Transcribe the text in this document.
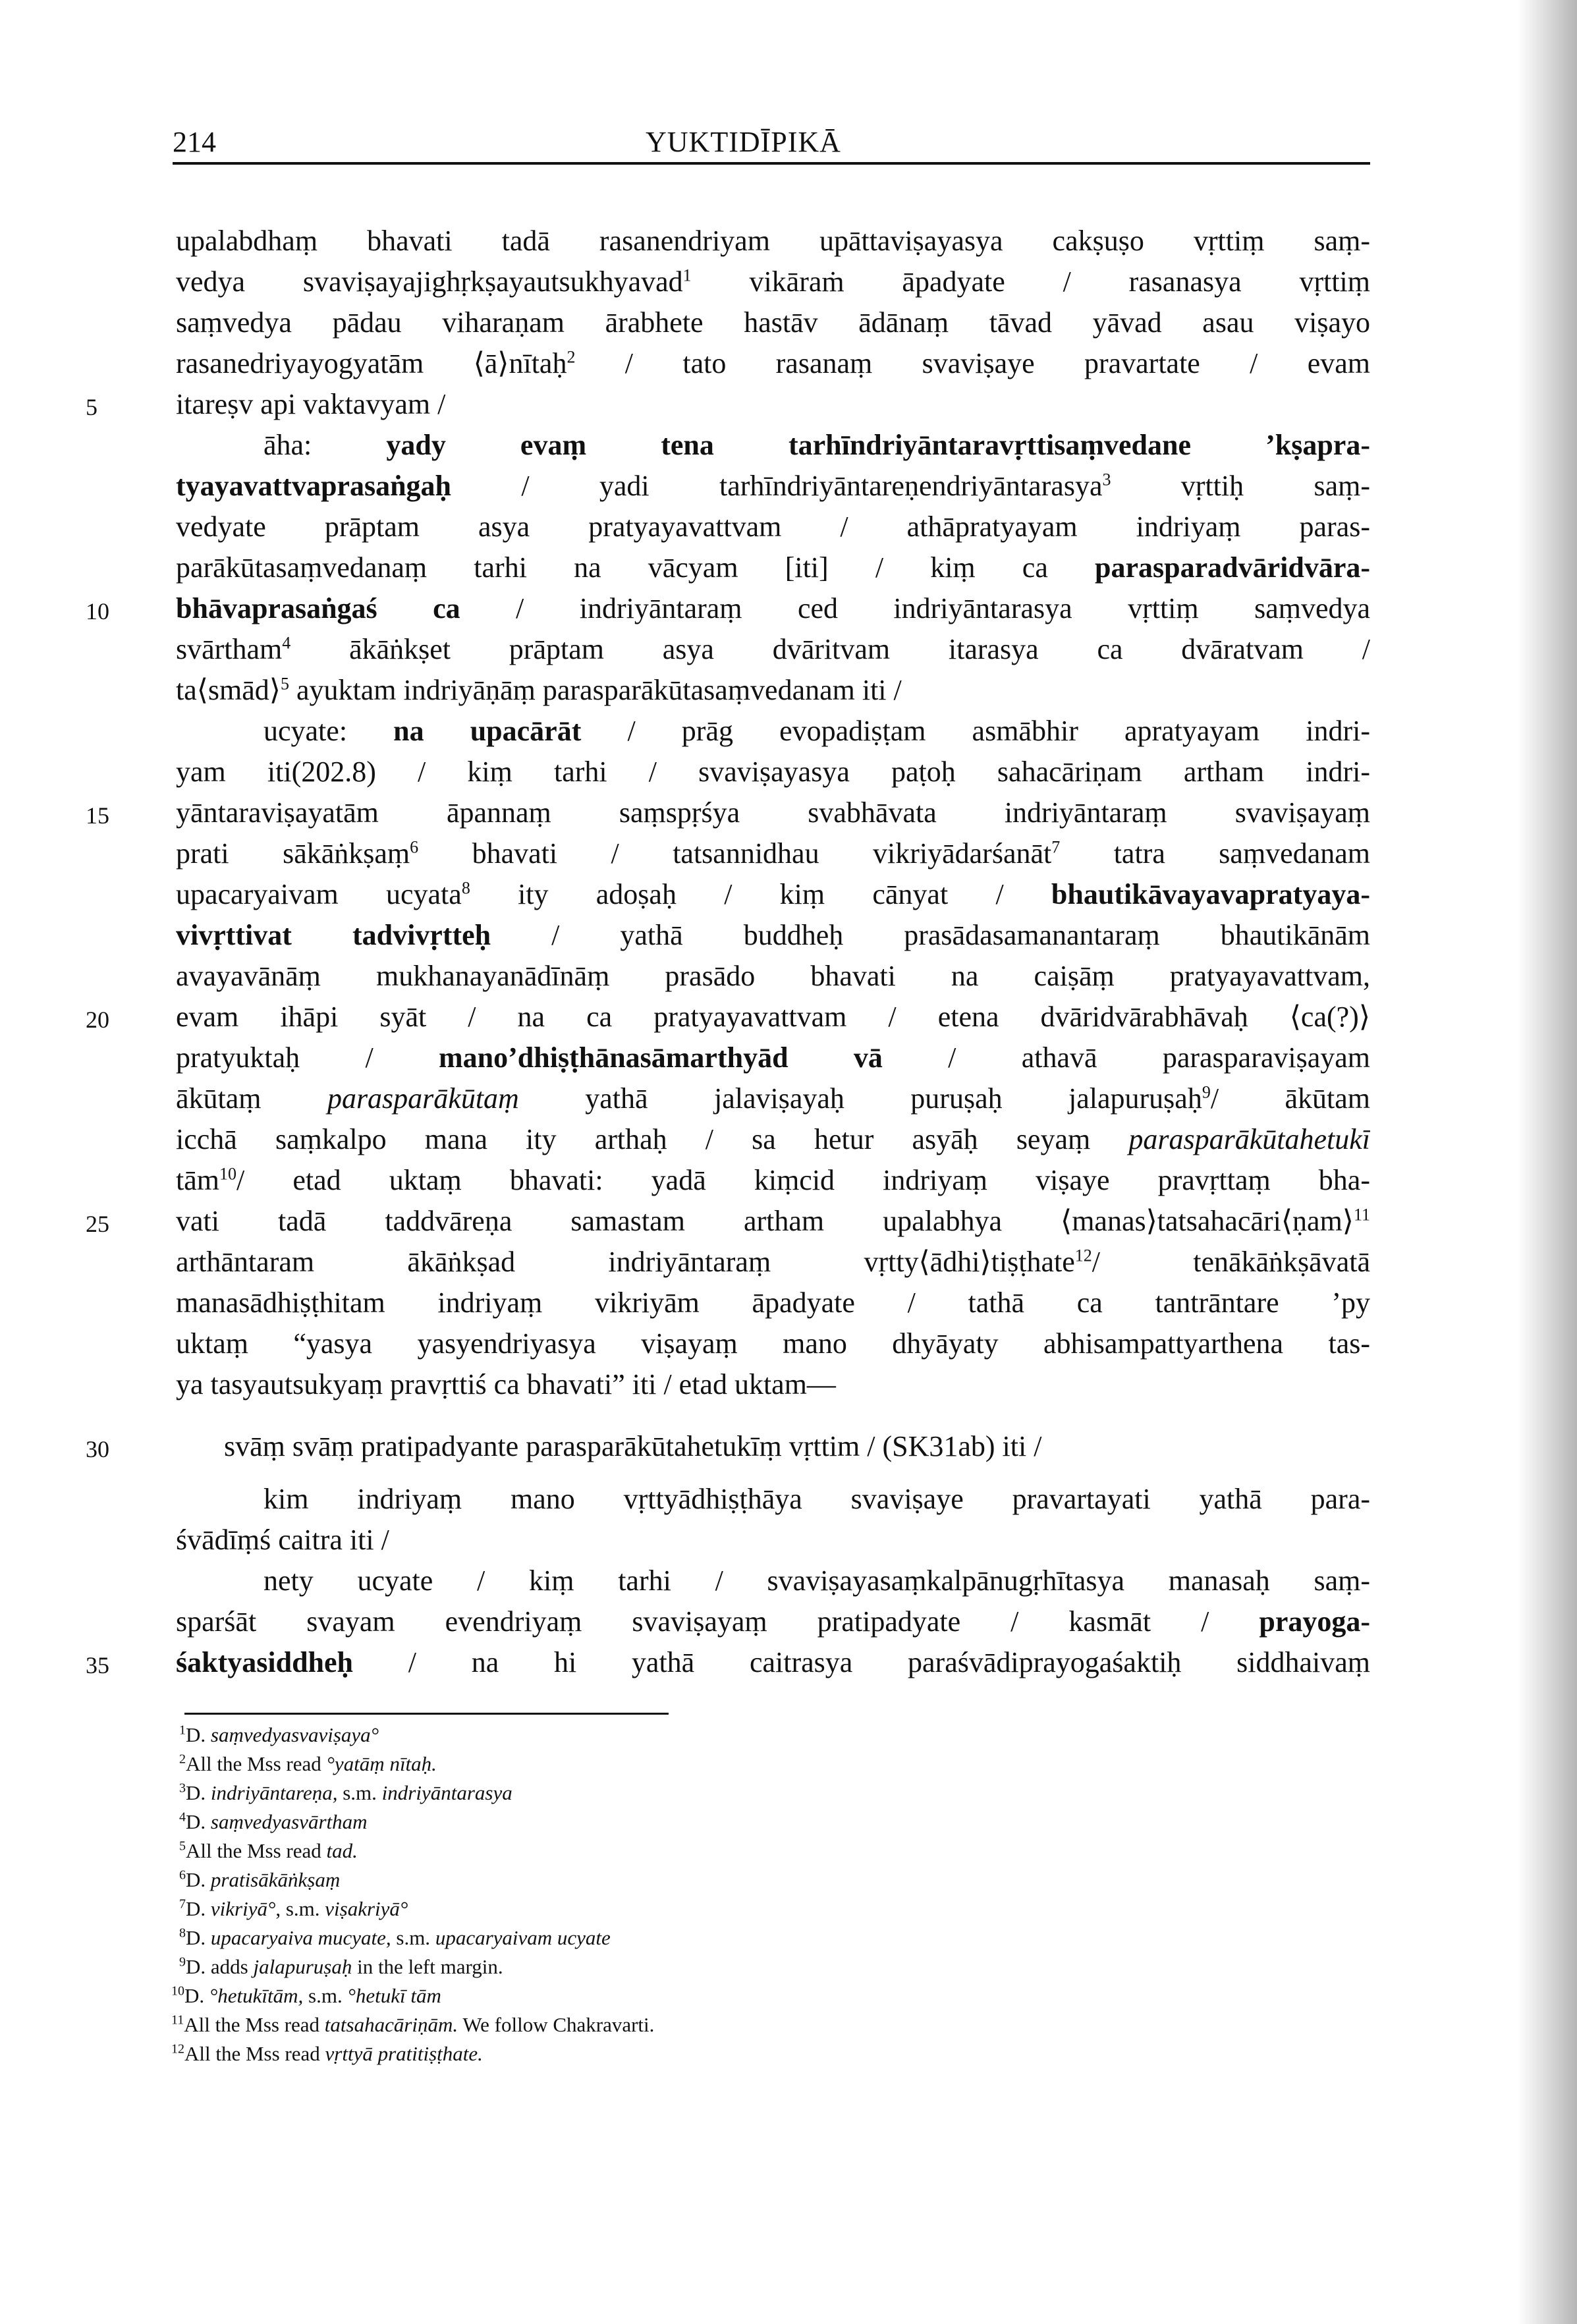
214	YUKTIDĪPIKĀ
upalabdhaṃ bhavati tadā rasanendriyam upāttaviṣayasya cakṣuṣo vṛttiṃ saṃ-
vedya svaviṣayajighṛkṣayautsukhyavad$^1$ vikāraṁ āpadyate / rasanasya vṛttiṃ
saṃvedya pādau viharaṇam ārabhete hastāv ādānaṃ tāvad yāvad asau viṣayo
rasanedriyayogyatām ⟨ā⟩nītaḥ$^2$ / tato rasanaṃ svaviṣaye pravartate / evam
itareṣv api vaktavyam /
5
āha: yady evaṃ tena tarhīndriyāntaravṛttisaṃvedane ’kṣapra-
tyayavattvaprasaṅgaḥ / yadi tarhīndriyāntareṇendriyāntarasya$^3$ vṛttiḥ saṃ-
vedyate prāptam asya pratyayavattvam / athāpratyayam indriyaṃ paras-
parākūtasaṃvedanaṃ tarhi na vācyam [iti] / kiṃ ca parasparadvāridvāra-
bhāvaprasaṅgaś ca / indriyāntaraṃ ced indriyāntarasya vṛttiṃ saṃvedya
10
svārtham$^4$ ākāṅkṣet prāptam asya dvāritvam itarasya ca dvāratvam /
ta⟨smād⟩$^5$ ayuktam indriyāṇāṃ parasparākūtasaṃvedanam iti /
ucyate: na upacārāt / prāg evopadiṣṭam asmābhir apratyayam indri-
yam iti(202.8) / kiṃ tarhi / svaviṣayasya paṭoḥ sahacāriṇam artham indri-
yāntaraviṣayatām āpannaṃ saṃspṛśya svabhāvata indriyāntaraṃ svaviṣayaṃ
15
prati sākāṅkṣaṃ$^6$ bhavati / tatsannidhau vikriyādarśanāt$^7$ tatra saṃvedanam
upacaryaivam ucyata$^8$ ity adoṣaḥ / kiṃ cānyat / bhautikāvayavapratyaya-
vivṛttivat tadvivṛtteḥ / yathā buddheḥ prasādasamanantaraṃ bhautikānām
avayavānāṃ mukhanayanādīnāṃ prasādo bhavati na caiṣāṃ pratyayavattvam,
evam ihāpi syāt / na ca pratyayavattvam / etena dvāridvārabhāvaḥ ⟨ca(?)⟩
20
pratyuktaḥ / mano’dhiṣṭhānasāmarthyād vā / athavā parasparaviṣayam
ākūtaṃ parasparākūtaṃ yathā jalaviṣayaḥ puruṣaḥ jalapuruṣaḥ$^9$/ ākūtam
icchā saṃkalpo mana ity arthaḥ / sa hetur asyāḥ seyaṃ parasparākūtahetukī
tām$^{10}$/ etad uktaṃ bhavati: yadā kiṃcid indriyaṃ viṣaye pravṛttaṃ bha-
vati tadā taddvāreṇa samastam artham upalabhya ⟨manas⟩tatsahacāri⟨ṇam⟩$^{11}$
25
arthāntaram ākāṅkṣad indriyāntaraṃ vṛtty⟨ādhi⟩tiṣṭhate$^{12}$/ tenākāṅkṣāvatā
manasādhiṣṭhitam indriyaṃ vikriyām āpadyate / tathā ca tantrāntare ’py
uktaṃ “yasya yasyendriyasya viṣayaṃ mano dhyāyaty abhisampattyarthena tas-
ya tasyautsukyaṃ pravṛttiś ca bhavati” iti / etad uktam—
svāṃ svāṃ pratipadyante parasparākūtahetukīṃ vṛttim / (SK31ab) iti /
30
kim indriyaṃ mano vṛttyādhiṣṭhāya svaviṣaye pravartayati yathā para-
śvādīṃś caitra iti /
nety ucyate / kiṃ tarhi / svaviṣayasaṃkalpānugṛhītasya manasaḥ saṃ-
sparśāt svayam evendriyaṃ svaviṣayaṃ pratipadyate / kasmāt / prayoga-
śaktyasiddheḥ / na hi yathā caitrasya paraśvādiprayogaśaktiḥ siddhaivaṃ
35
$^1$D. saṃvedyasvaviṣaya°
$^2$All the Mss read °yatāṃ nītaḥ.
$^3$D. indriyāntareṇa, s.m. indriyāntarasya
$^4$D. saṃvedyasvārtham
$^5$All the Mss read tad.
$^6$D. pratisākāṅkṣaṃ
$^7$D. vikriyā°, s.m. viṣakriyā°
$^8$D. upacaryaiva mucyate, s.m. upacaryaivam ucyate
$^9$D. adds jalapuruṣaḥ in the left margin.
$^{10}$D. °hetukītām, s.m. °hetukī tām
$^{11}$All the Mss read tatsahacāriṇām. We follow Chakravarti.
$^{12}$All the Mss read vṛttyā pratitiṣṭhate.
